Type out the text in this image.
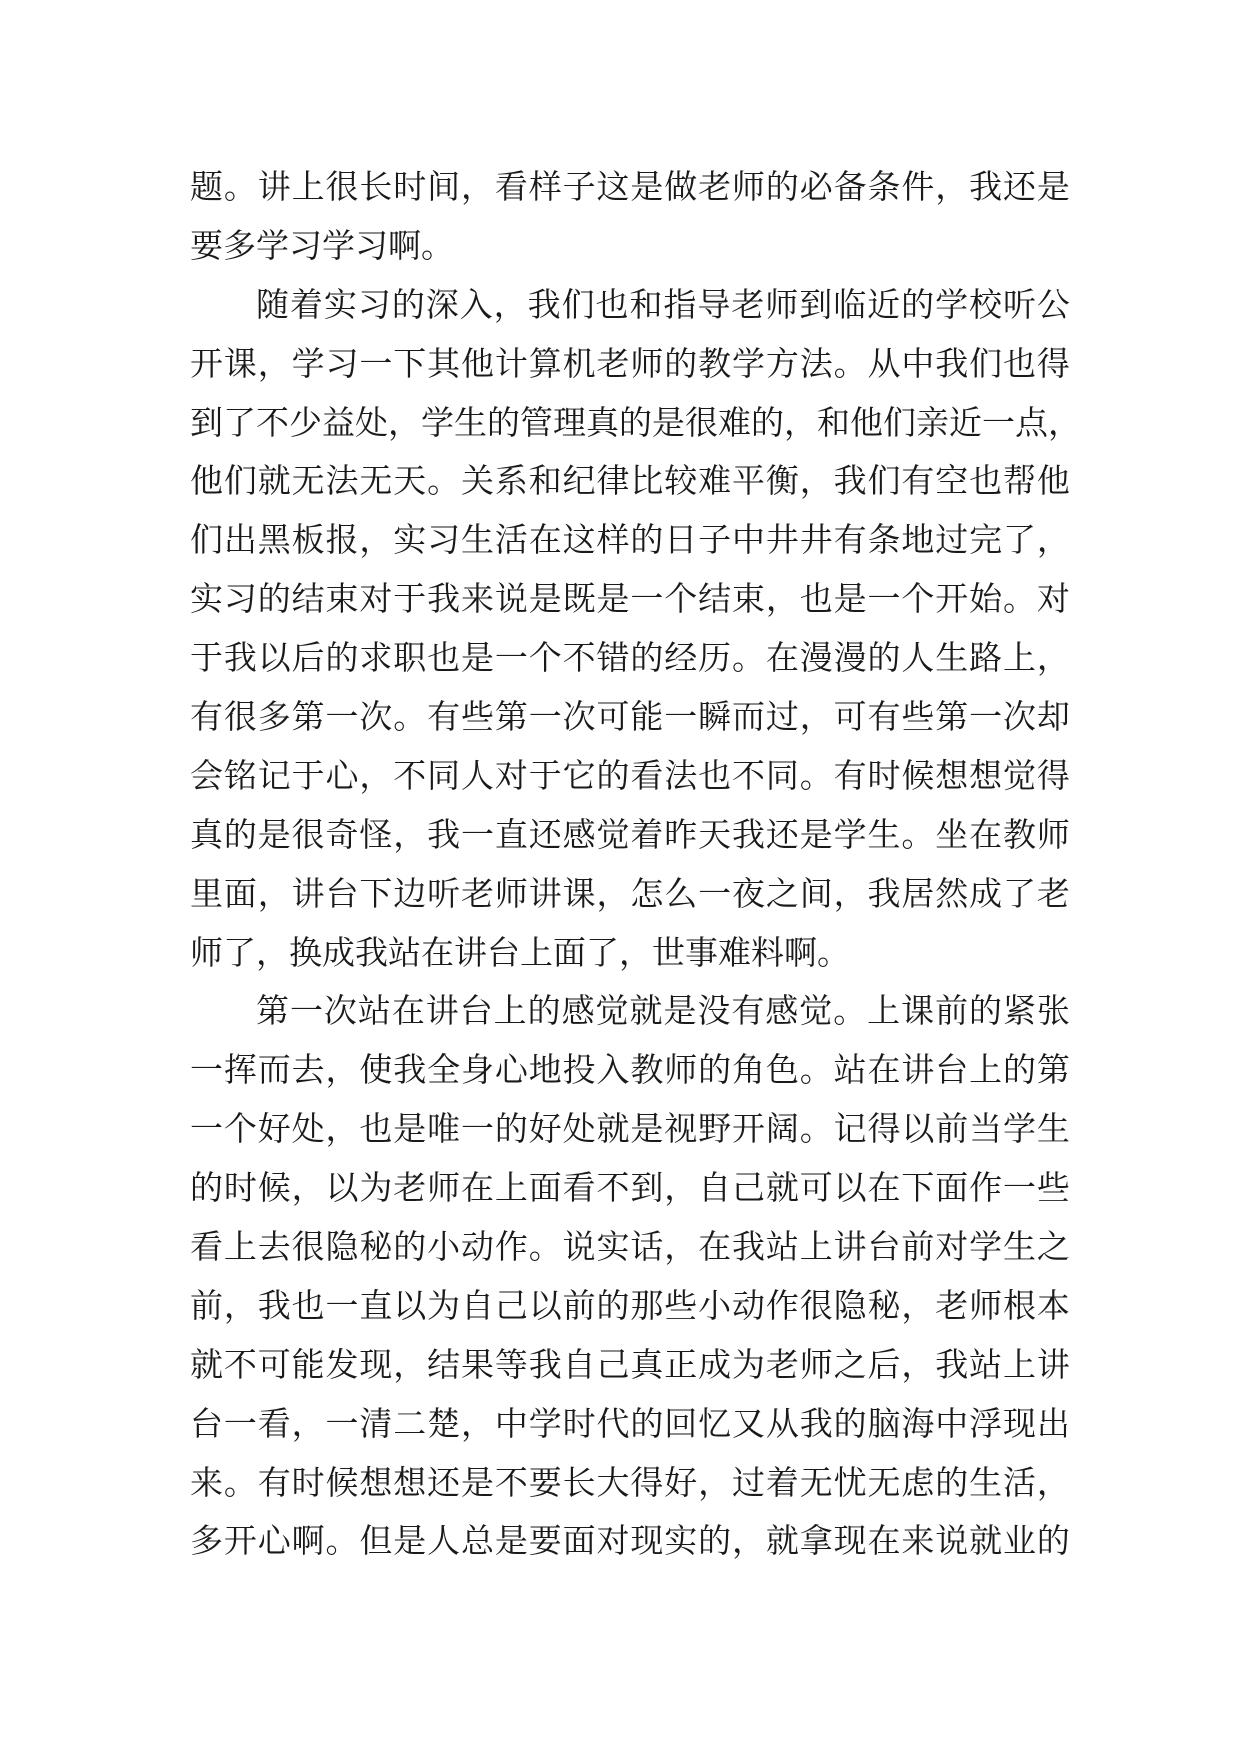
题 。 讲 上 很 长 时 间 ， 看 样 子 这 是 做 老 师 的 必 备 条 件 ， 我 还 是
要多学习学习啊。
随 着 实 习 的 深 入 ， 我 们 也 和 指 导 老 师 到 临 近 的 学 校 听 公
开 课 ， 学 习 一 下 其 他 计 算 机 老 师 的 教 学 方 法 。 从 中 我 们 也 得
到 了 不 少 益 处 ， 学 生 的 管 理 真 的 是 很 难 的 ， 和 他 们 亲 近 一 点 ，
他 们 就 无 法 无 天 。 关 系 和 纪 律 比 较 难 平 衡 ， 我 们 有 空 也 帮 他
们 出 黑 板 报 ， 实 习 生 活 在 这 样 的 日 子 中 井 井 有 条 地 过 完 了 ，
实 习 的 结 束 对 于 我 来 说 是 既 是 一 个 结 束 ， 也 是 一 个 开 始 。 对
于 我 以 后 的 求 职 也 是 一 个 不 错 的 经 历 。 在 漫 漫 的 人 生 路 上 ，
有 很 多 第 一 次 。 有 些 第 一 次 可 能 一 瞬 而 过 ， 可 有 些 第 一 次 却
会 铭 记 于 心 ， 不 同 人 对 于 它 的 看 法 也 不 同 。 有 时 候 想 想 觉 得
真 的 是 很 奇 怪 ， 我 一 直 还 感 觉 着 昨 天 我 还 是 学 生 。 坐 在 教 师
里 面 ， 讲 台 下 边 听 老 师 讲 课 ， 怎 么 一 夜 之 间 ， 我 居 然 成 了 老
师了，换成我站在讲台上面了，世事难料啊。
第 一 次 站 在 讲 台 上 的 感 觉 就 是 没 有 感 觉 。 上 课 前 的 紧 张
一 挥 而 去 ， 使 我 全 身 心 地 投 入 教 师 的 角 色 。 站 在 讲 台 上 的 第
一 个 好 处 ， 也 是 唯 一 的 好 处 就 是 视 野 开 阔 。 记 得 以 前 当 学 生
的 时 候 ， 以 为 老 师 在 上 面 看 不 到 ， 自 己 就 可 以 在 下 面 作 一 些
看 上 去 很 隐 秘 的 小 动 作 。 说 实 话 ， 在 我 站 上 讲 台 前 对 学 生 之
前 ， 我 也 一 直 以 为 自 己 以 前 的 那 些 小 动 作 很 隐 秘 ， 老 师 根 本
就 不 可 能 发 现 ， 结 果 等 我 自 己 真 正 成 为 老 师 之 后 ， 我 站 上 讲
台 一 看 ， 一 清 二 楚 ， 中 学 时 代 的 回 忆 又 从 我 的 脑 海 中 浮 现 出
来 。 有 时 候 想 想 还 是 不 要 长 大 得 好 ， 过 着 无 忧 无 虑 的 生 活 ，
多 开 心 啊 。 但 是 人 总 是 要 面 对 现 实 的 ， 就 拿 现 在 来 说 就 业 的
